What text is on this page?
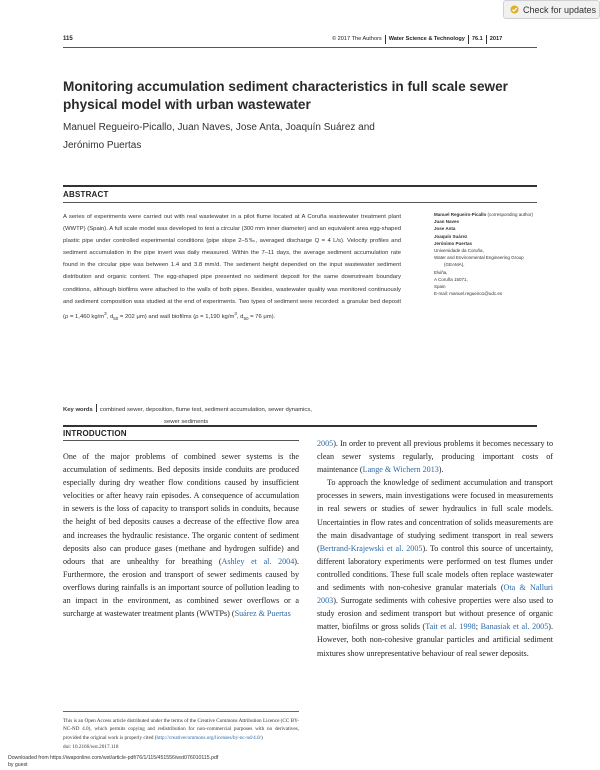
Check for updates
115	© 2017 The Authors Water Science & Technology 76.1 2017
Monitoring accumulation sediment characteristics in full scale sewer physical model with urban wastewater
Manuel Regueiro-Picallo, Juan Naves, Jose Anta, Joaquín Suárez and Jerónimo Puertas
ABSTRACT
A series of experiments were carried out with real wastewater in a pilot flume located at A Coruña wastewater treatment plant (WWTP) (Spain). A full scale model was developed to test a circular (300 mm inner diameter) and an equivalent area egg-shaped plastic pipe under controlled experimental conditions (pipe slope 2–5‰, averaged discharge Q = 4 L/s). Velocity profiles and sediment accumulation in the pipe invert was daily measured. Within the 7–11 days, the average sediment accumulation rate found in the circular pipe was between 1.4 and 3.8 mm/d. The sediment height depended on the input wastewater sediment distribution and organic content. The egg-shaped pipe presented no sediment deposit for the same downstream boundary conditions, although biofilms were attached to the walls of both pipes. Besides, wastewater quality was monitored continuously and sediment composition was studied at the end of experiments. Two types of sediment were recorded: a granular bed deposit (ρ = 1,460 $kg/m^3$, $d_{50} = 202$ μm) and wall biofilms (ρ = 1,190 $kg/m^3$, $d_{50} = 76$ μm).
Key words combined sewer, deposition, flume test, sediment accumulation, sewer dynamics,
sewer sediments
Manuel Regueiro-Picallo (corresponding author)
Juan Naves
Jose Anta
Joaquín Suárez
Jerónimo Puertas
Universidade da Coruña,
Water and Environmental Engineering Group
(GEAMA),
Elviña,
A Coruña 15071,
Spain
E-mail: manuel.regueiro1@udc.es
INTRODUCTION
One of the major problems of combined sewer systems is the accumulation of sediments. Bed deposits inside conduits are produced especially during dry weather flow conditions caused by insufficient velocities or after heavy rain episodes. A consequence of accumulation in sewers is the loss of capacity to transport solids in conduits, because the height of bed deposits causes a decrease of the effective flow area and increases the hydraulic resistance. The organic content of sediment deposits also can produce gases (methane and hydrogen sulfide) and odours that are unhealthy for breathing (Ashley et al. 2004). Furthermore, the erosion and transport of sewer sediments caused by overflows during rainfalls is an important source of pollution leading to an impact in the environment, as combined sewer overflows or a surcharge at wastewater treatment plants (WWTPs) (Suárez & Puertas
2005). In order to prevent all previous problems it becomes necessary to clean sewer systems regularly, producing important costs of maintenance (Lange & Wichern 2013).
To approach the knowledge of sediment accumulation and transport processes in sewers, main investigations were focused in measurements in real sewers or studies of sewer hydraulics in full scale models. Uncertainties in flow rates and concentration of solids measurements are the main disadvantage of studying sediment transport in real sewers (Bertrand-Krajewski et al. 2005). To control this source of uncertainty, different laboratory experiments were performed on test flumes under controlled conditions. These full scale models often replace wastewater and sediments with non-cohesive granular materials (Ota & Nalluri 2003). Surrogate sediments with cohesive properties were also used to study erosion and sediment transport but without presence of organic matter, biofilms or gross solids (Tait et al. 1998; Banasiak et al. 2005). However, both non-cohesive granular particles and artificial sediment mixtures show unrepresentative behaviour of real sewer deposits.
This is an Open Access article distributed under the terms of the Creative Commons Attribution Licence (CC BY-NC-ND 4.0), which permits copying and redistribution for non-commercial purposes with no derivatives, provided the original work is properly cited (http://creativecommons.org/licenses/by-nc-nd/4.0/)
doi: 10.2166/wst.2017.118
Downloaded from https://iwaponline.com/wst/article-pdf/76/1/115/451556/wst076010115.pdf
by guest
